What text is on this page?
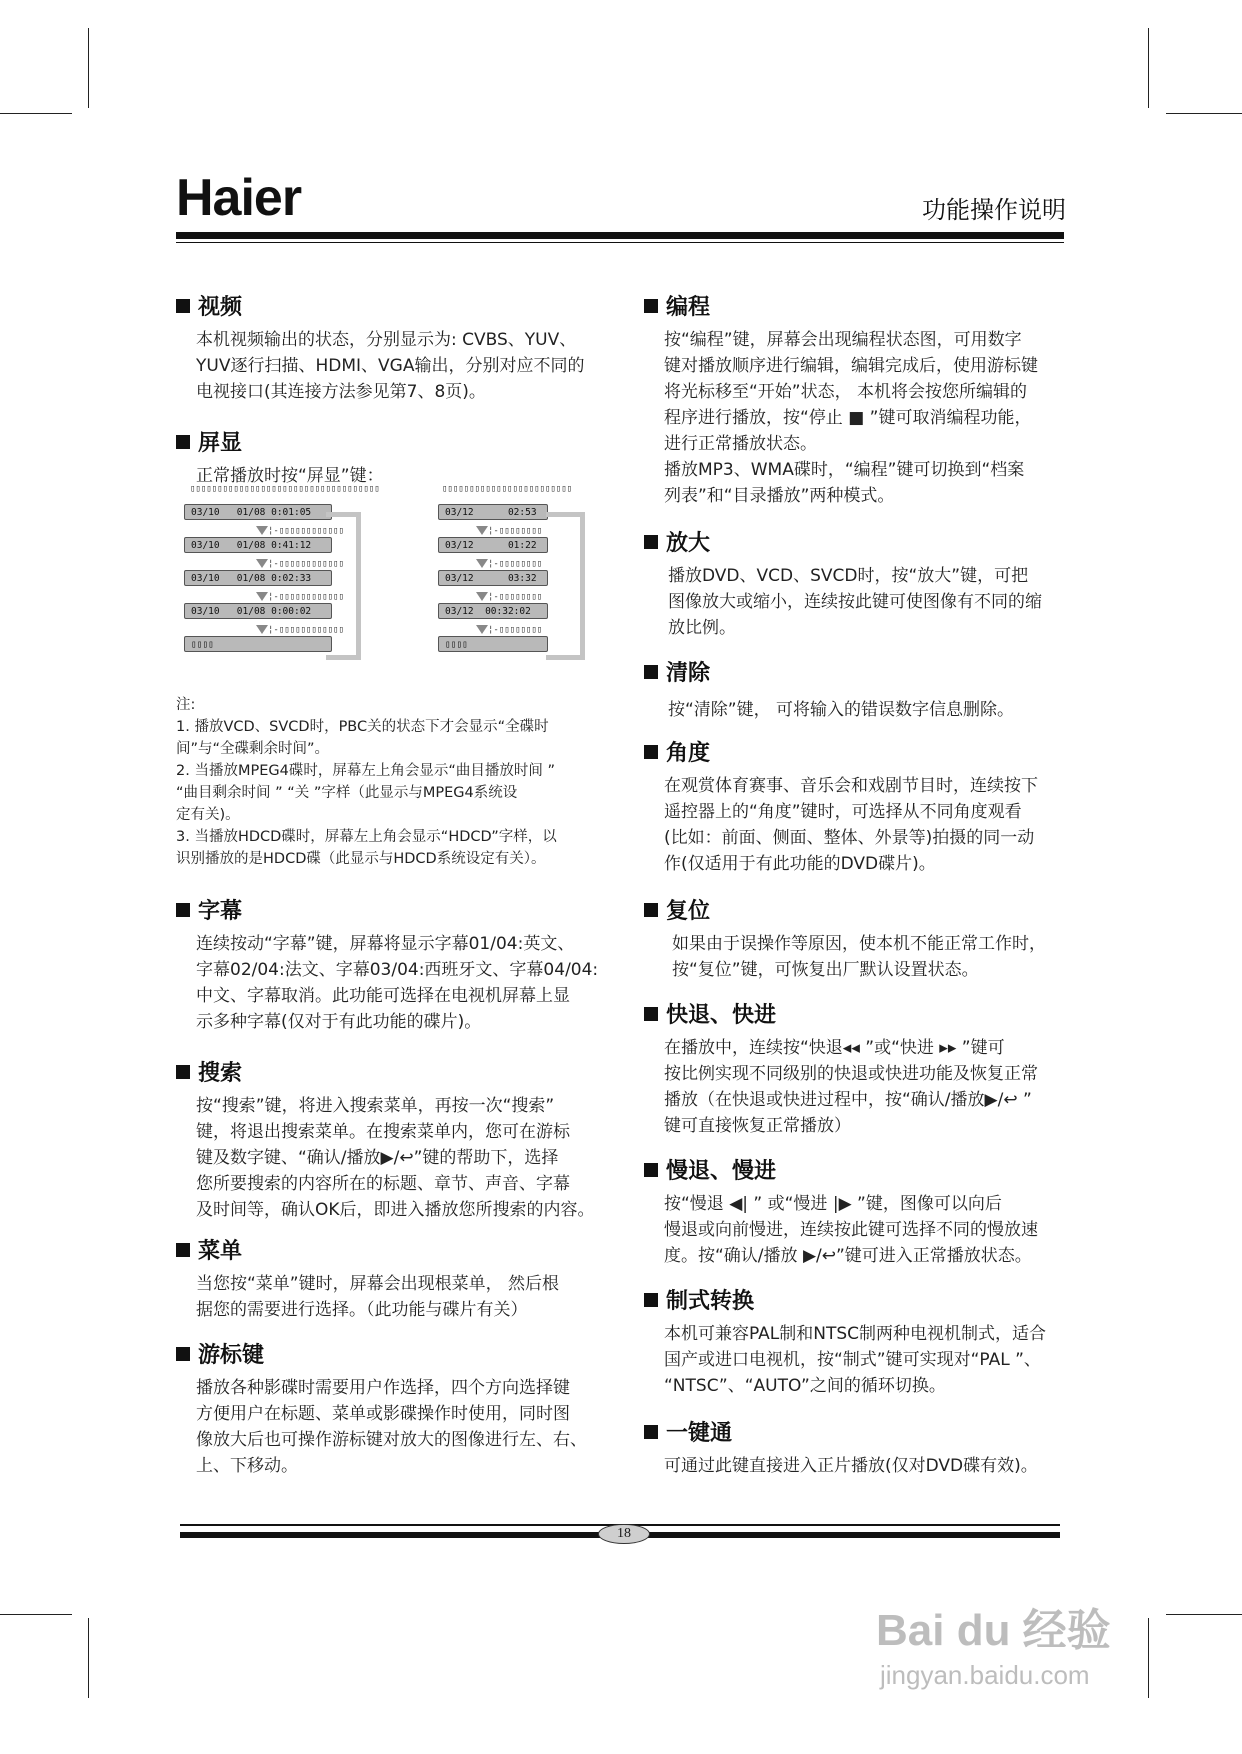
Haier	功能操作说明
视频
本机视频输出的状态，分别显示为: CVBS、YUV、
YUV逐行扫描、HDMI、VGA输出，分别对应不同的
电视接口(其连接方法参见第7、8页)。
屏显
正常播放时按“屏显”键：
▯▯▯▯▯▯▯▯▯▯▯▯▯▯▯▯▯▯▯▯▯▯▯▯▯▯▯▯▯▯▯▯▯▯▯	▯▯▯▯▯▯▯▯▯▯▯▯▯▯▯▯▯▯▯▯▯▯▯▯
03/10 01/08 0:01:05
03/10 01/08 0:41:12
03/10 01/08 0:02:33
03/10 01/08 0:00:02
▯▯▯▯
¦-▯▯▯▯▯▯▯▯▯▯▯▯
¦-▯▯▯▯▯▯▯▯▯▯▯▯
¦-▯▯▯▯▯▯▯▯▯▯▯▯
¦-▯▯▯▯▯▯▯▯▯▯▯▯
03/12	02:53
03/12	01:22
03/12	03:32
03/12 00:32:02
▯▯▯▯
¦-▯▯▯▯▯▯▯▯
¦-▯▯▯▯▯▯▯▯
¦-▯▯▯▯▯▯▯▯
¦-▯▯▯▯▯▯▯▯
注:
1. 播放VCD、SVCD时，PBC关的状态下才会显示“全碟时
间”与“全碟剩余时间”。
2. 当播放MPEG4碟时，屏幕左上角会显示“曲目播放时间 ”
“曲目剩余时间 ” “关 ”字样（此显示与MPEG4系统设
定有关)。
3. 当播放HDCD碟时，屏幕左上角会显示“HDCD”字样，以
识别播放的是HDCD碟（此显示与HDCD系统设定有关）。
字幕
连续按动“字幕”键，屏幕将显示字幕01/04:英文、
字幕02/04:法文、字幕03/04:西班牙文、字幕04/04:
中文、字幕取消。此功能可选择在电视机屏幕上显
示多种字幕(仅对于有此功能的碟片)。
搜索
按“搜索”键，将进入搜索菜单，再按一次“搜索”
键，将退出搜索菜单。在搜索菜单内，您可在游标
键及数字键、“确认/播放▶/↩”键的帮助下，选择
您所要搜索的内容所在的标题、章节、声音、字幕
及时间等，确认OK后，即进入播放您所搜索的内容。
菜单
当您按“菜单”键时，屏幕会出现根菜单， 然后根
据您的需要进行选择。（此功能与碟片有关）
游标键
播放各种影碟时需要用户作选择，四个方向选择键
方便用户在标题、菜单或影碟操作时使用，同时图
像放大后也可操作游标键对放大的图像进行左、右、
上、下移动。
编程
按“编程”键，屏幕会出现编程状态图，可用数字
键对播放顺序进行编辑，编辑完成后，使用游标键
将光标移至“开始”状态， 本机将会按您所编辑的
程序进行播放，按“停止 ■ ”键可取消编程功能，
进行正常播放状态。
播放MP3、WMA碟时，“编程”键可切换到“档案
列表”和“目录播放”两种模式。
放大
播放DVD、VCD、SVCD时，按“放大”键，可把
图像放大或缩小，连续按此键可使图像有不同的缩
放比例。
清除
按“清除”键， 可将输入的错误数字信息删除。
角度
在观赏体育赛事、音乐会和戏剧节目时，连续按下
遥控器上的“角度”键时，可选择从不同角度观看
(比如：前面、侧面、整体、外景等)拍摄的同一动
作(仅适用于有此功能的DVD碟片)。
复位
如果由于误操作等原因，使本机不能正常工作时，
按“复位”键，可恢复出厂默认设置状态。
快退、快进
在播放中，连续按“快退◂◂ ”或“快进 ▸▸ ”键可
按比例实现不同级别的快退或快进功能及恢复正常
播放（在快退或快进过程中，按“确认/播放▶/↩ ”
键可直接恢复正常播放）
慢退、慢进
按“慢退 ◀| ” 或“慢进 |▶ ”键，图像可以向后
慢退或向前慢进，连续按此键可选择不同的慢放速
度。按“确认/播放 ▶/↩”键可进入正常播放状态。
制式转换
本机可兼容PAL制和NTSC制两种电视机制式，适合
国产或进口电视机，按“制式”键可实现对“PAL ”、
“NTSC”、“AUTO”之间的循环切换。
一键通
可通过此键直接进入正片播放(仅对DVD碟有效)。
18
Bai du 经验
jingyan.baidu.com
